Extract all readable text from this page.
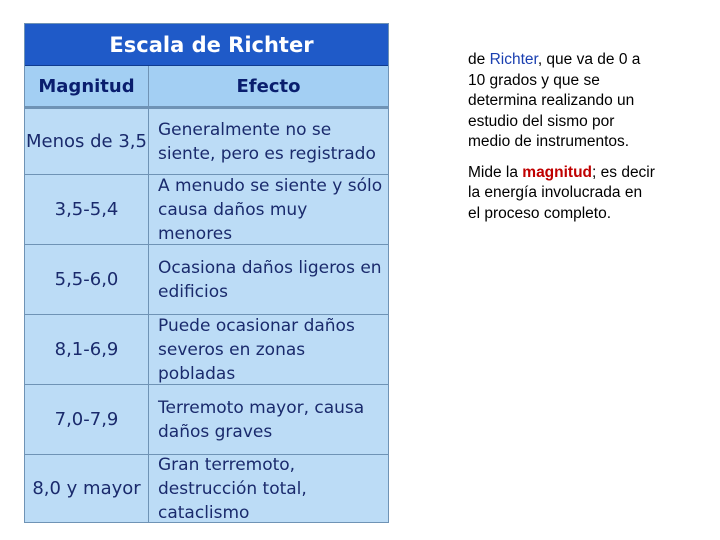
Escala de Richter
Magnitud	Efecto
Menos de 3,5
Generalmente no se siente, pero es registrado
3,5-5,4
A menudo se siente y sólo causa daños muy menores
5,5-6,0
Ocasiona daños ligeros en edificios
8,1-6,9
Puede ocasionar daños severos en zonas pobladas
7,0-7,9
Terremoto mayor, causa daños graves
8,0 y mayor
Gran terremoto, destrucción total, cataclismo

de Richter, que va de 0 a 10 grados y que se determina realizando un estudio del sismo por medio de instrumentos.

Mide la magnitud; es decir la energía involucrada en el proceso completo.
